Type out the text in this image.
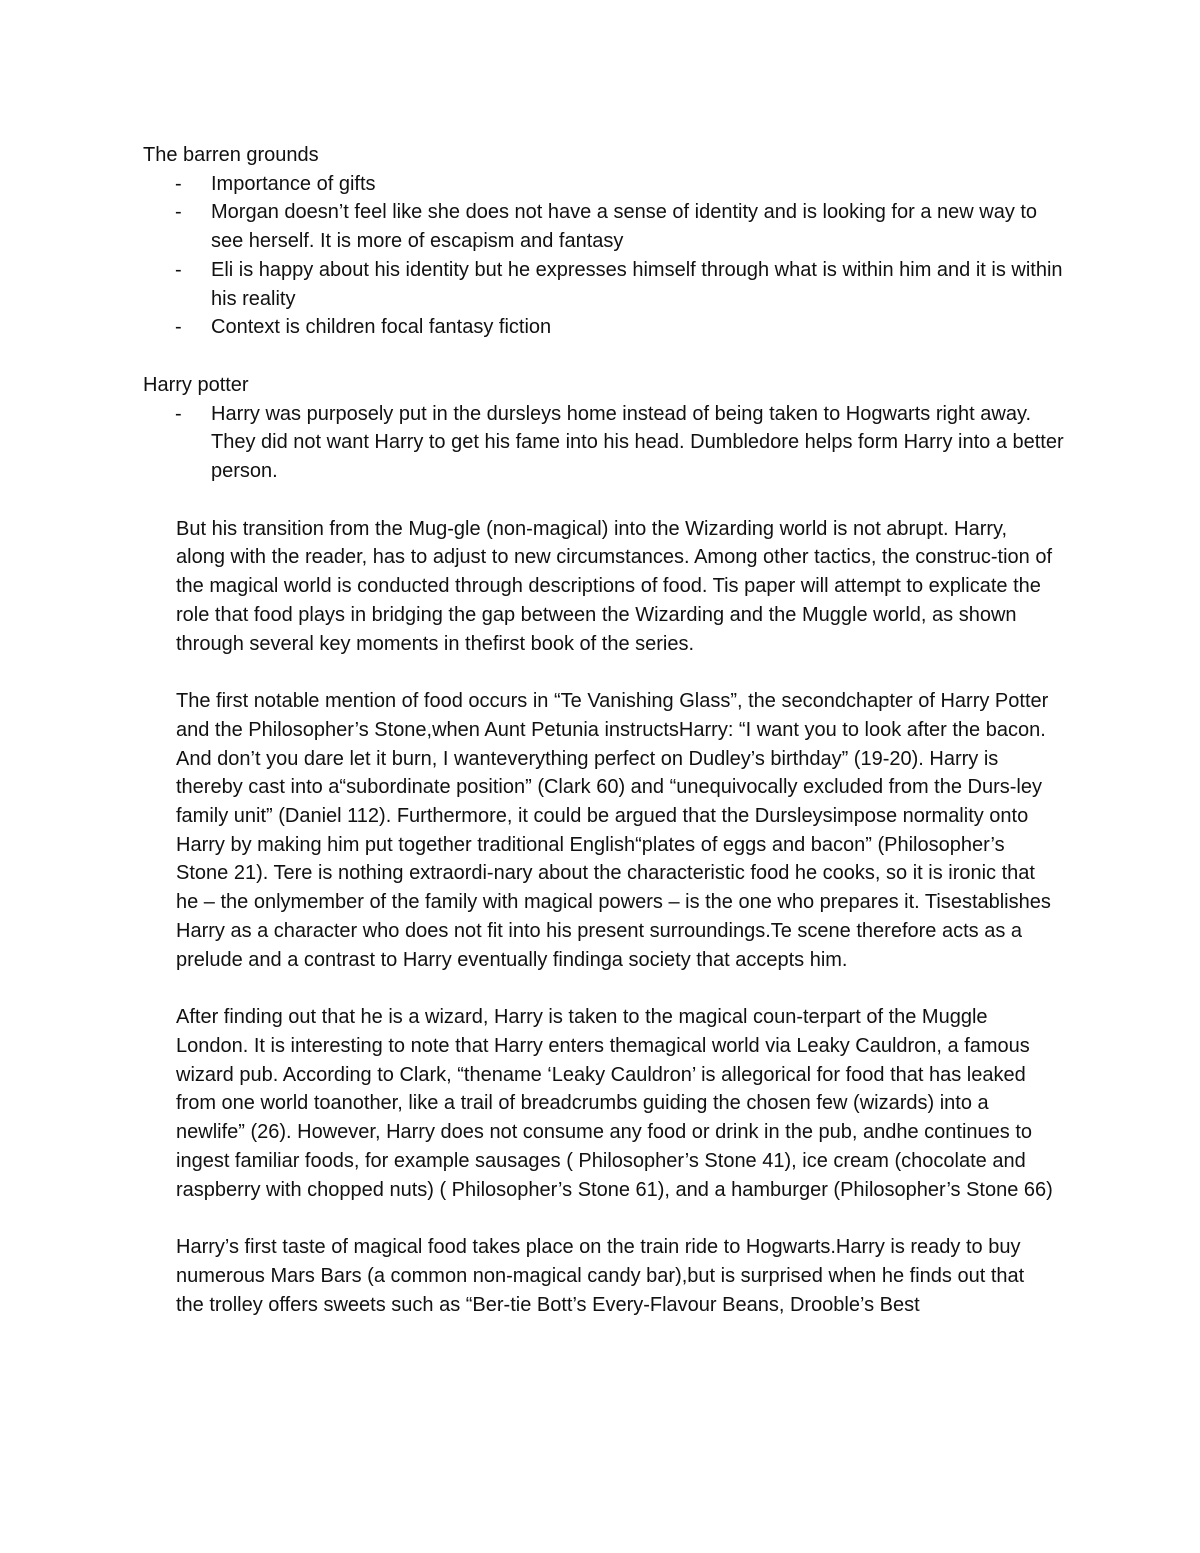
The barren grounds

- Importance of gifts
- Morgan doesn’t feel like she does not have a sense of identity and is looking for a new way to see herself. It is more of escapism and fantasy
- Eli is happy about his identity but he expresses himself through what is within him and it is within his reality
- Context is children focal fantasy fiction

Harry potter

- Harry was purposely put in the dursleys home instead of being taken to Hogwarts right away. They did not want Harry to get his fame into his head. Dumbledore helps form Harry into a better person.

But his transition from the Mug-gle (non-magical) into the Wizarding world is not abrupt. Harry, along with the reader, has to adjust to new circumstances. Among other tactics, the construc-tion of the magical world is conducted through descriptions of food. Tis paper will attempt to explicate the role that food plays in bridging the gap between the Wizarding and the Muggle world, as shown through several key moments in thefirst book of the series.

The first notable mention of food occurs in “Te Vanishing Glass”, the secondchapter of Harry Potter and the Philosopher’s Stone,when Aunt Petunia instructsHarry: “I want you to look after the bacon. And don’t you dare let it burn, I wanteverything perfect on Dudley’s birthday” (19-20). Harry is thereby cast into a“subordinate position” (Clark 60) and “unequivocally excluded from the Durs-ley family unit” (Daniel 112). Furthermore, it could be argued that the Dursleysimpose normality onto Harry by making him put together traditional English“plates of eggs and bacon” (Philosopher’s Stone 21). Tere is nothing extraordi-nary about the characteristic food he cooks, so it is ironic that he – the onlymember of the family with magical powers – is the one who prepares it. Tisestablishes Harry as a character who does not fit into his present surroundings.Te scene therefore acts as a prelude and a contrast to Harry eventually findinga society that accepts him.

After finding out that he is a wizard, Harry is taken to the magical coun-terpart of the Muggle London. It is interesting to note that Harry enters themagical world via Leaky Cauldron, a famous wizard pub. According to Clark, “thename ‘Leaky Cauldron’ is allegorical for food that has leaked from one world toanother, like a trail of breadcrumbs guiding the chosen few (wizards) into a newlife” (26). However, Harry does not consume any food or drink in the pub, andhe continues to ingest familiar foods, for example sausages ( Philosopher’s Stone 41), ice cream (chocolate and raspberry with chopped nuts) ( Philosopher’s Stone 61), and a hamburger (Philosopher’s Stone 66)

Harry’s first taste of magical food takes place on the train ride to Hogwarts.Harry is ready to buy numerous Mars Bars (a common non-magical candy bar),but is surprised when he finds out that the trolley offers sweets such as “Ber-tie Bott’s Every-Flavour Beans, Drooble’s Best
